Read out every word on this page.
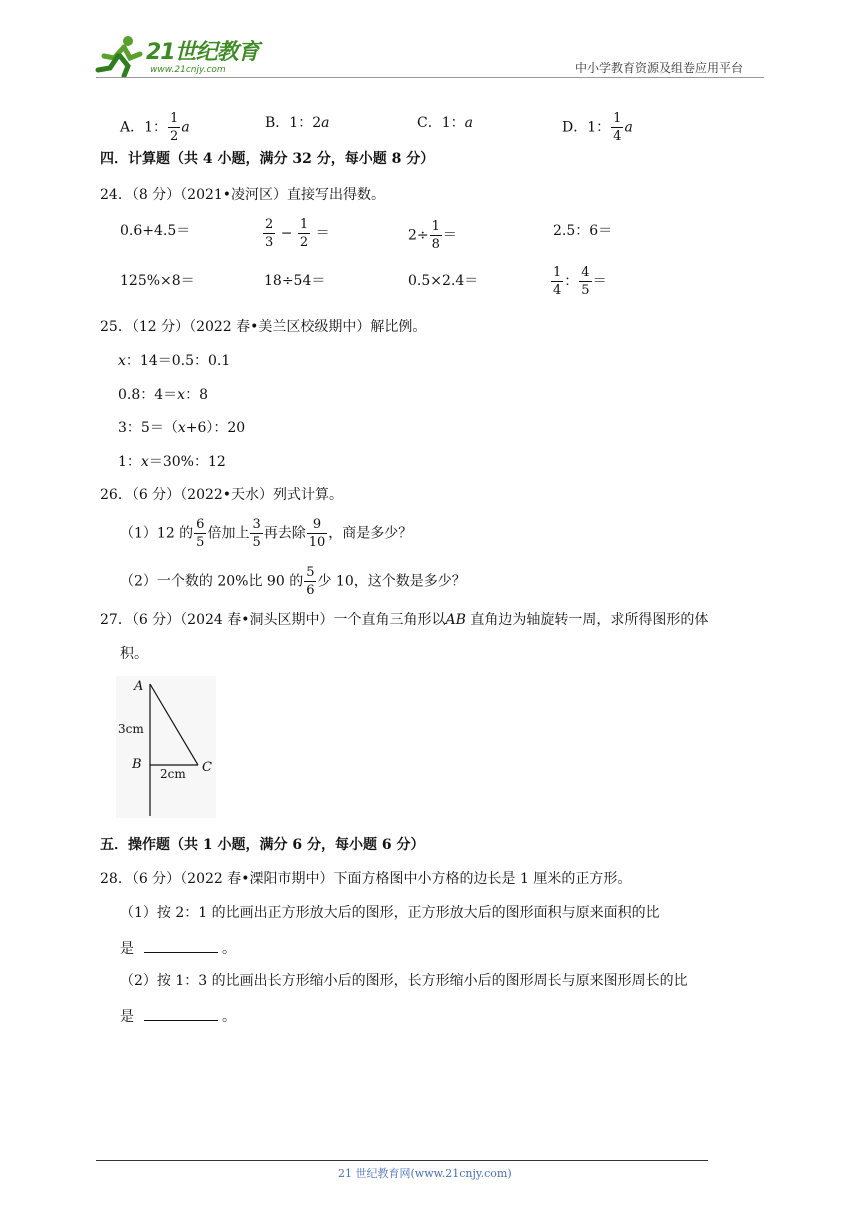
21世纪教育
www.21cnjy.com	中小学教育资源及组卷应用平台
A．1： $\frac{1}{2}$ a	B．1：2a	C．1：a	D．1： $\frac{1}{4}$ a
四．计算题（共 4 小题，满分 32 分，每小题 8 分）
24．（8 分）（2021•凌河区）直接写出得数。
0.6+4.5＝	$\frac{2}{3} - \frac{1}{2}$ ＝	$2\div \frac{1}{8}$ ＝	2.5：6＝
125%×8＝	18÷54＝	0.5×2.4＝	$\frac{1}{4}$ ： $\frac{4}{5}$ ＝
25．（12 分）（2022 春•美兰区校级期中）解比例。
x：14＝0.5：0.1
0.8：4＝x：8
3：5＝（x+6）：20
1：x＝30%：12
26．（6 分）（2022•天水）列式计算。
（1）12 的 $\frac{6}{5}$ 倍加上 $\frac{3}{5}$ 再去除 $\frac{9}{10}$ ，商是多少？
（2）一个数的 20%比 90 的 $\frac{5}{6}$ 少 10，这个数是多少？
27．（6 分）（2024 春•洞头区期中）一个直角三角形以AB 直角边为轴旋转一周，求所得图形的体
积。
A
B	C
3cm
2cm
五．操作题（共 1 小题，满分 6 分，每小题 6 分）
28．（6 分）（2022 春•溧阳市期中）下面方格图中小方格的边长是 1 厘米的正方形。
（1）按 2：1 的比画出正方形放大后的图形，正方形放大后的图形面积与原来面积的比
是	。
（2）按 1：3 的比画出长方形缩小后的图形，长方形缩小后的图形周长与原来图形周长的比
是	。
21 世纪教育网(www.21cnjy.com)
